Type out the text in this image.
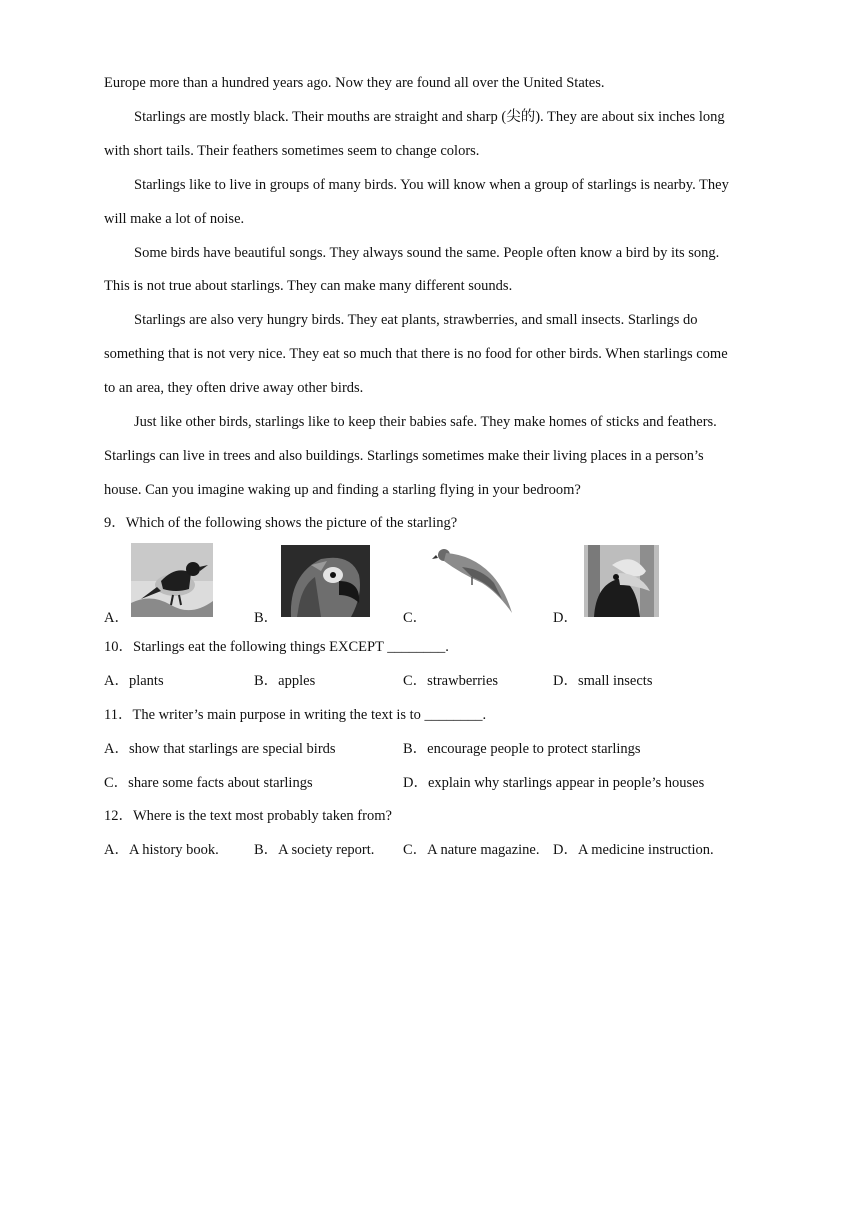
Europe more than a hundred years ago. Now they are found all over the United States.
Starlings are mostly black. Their mouths are straight and sharp (尖的). They are about six inches long
with short tails. Their feathers sometimes seem to change colors.
Starlings like to live in groups of many birds. You will know when a group of starlings is nearby. They
will make a lot of noise.
Some birds have beautiful songs. They always sound the same. People often know a bird by its song.
This is not true about starlings. They can make many different sounds.
Starlings are also very hungry birds. They eat plants, strawberries, and small insects. Starlings do
something that is not very nice. They eat so much that there is no food for other birds. When starlings come
to an area, they often drive away other birds.
Just like other birds, starlings like to keep their babies safe. They make homes of sticks and feathers.
Starlings can live in trees and also buildings. Starlings sometimes make their living places in a person’s
house. Can you imagine waking up and finding a starling flying in your bedroom?
9．Which of the following shows the picture of the starling?
A．	B．	C．	D．
10．Starlings eat the following things EXCEPT ________.
A．plants	B．apples	C．strawberries	D．small insects
11．The writer’s main purpose in writing the text is to ________.
A．show that starlings are special birds	B．encourage people to protect starlings
C．share some facts about starlings	D．explain why starlings appear in people’s houses
12．Where is the text most probably taken from?
A．A history book. B．A society report. C．A nature magazine. D．A medicine instruction.
